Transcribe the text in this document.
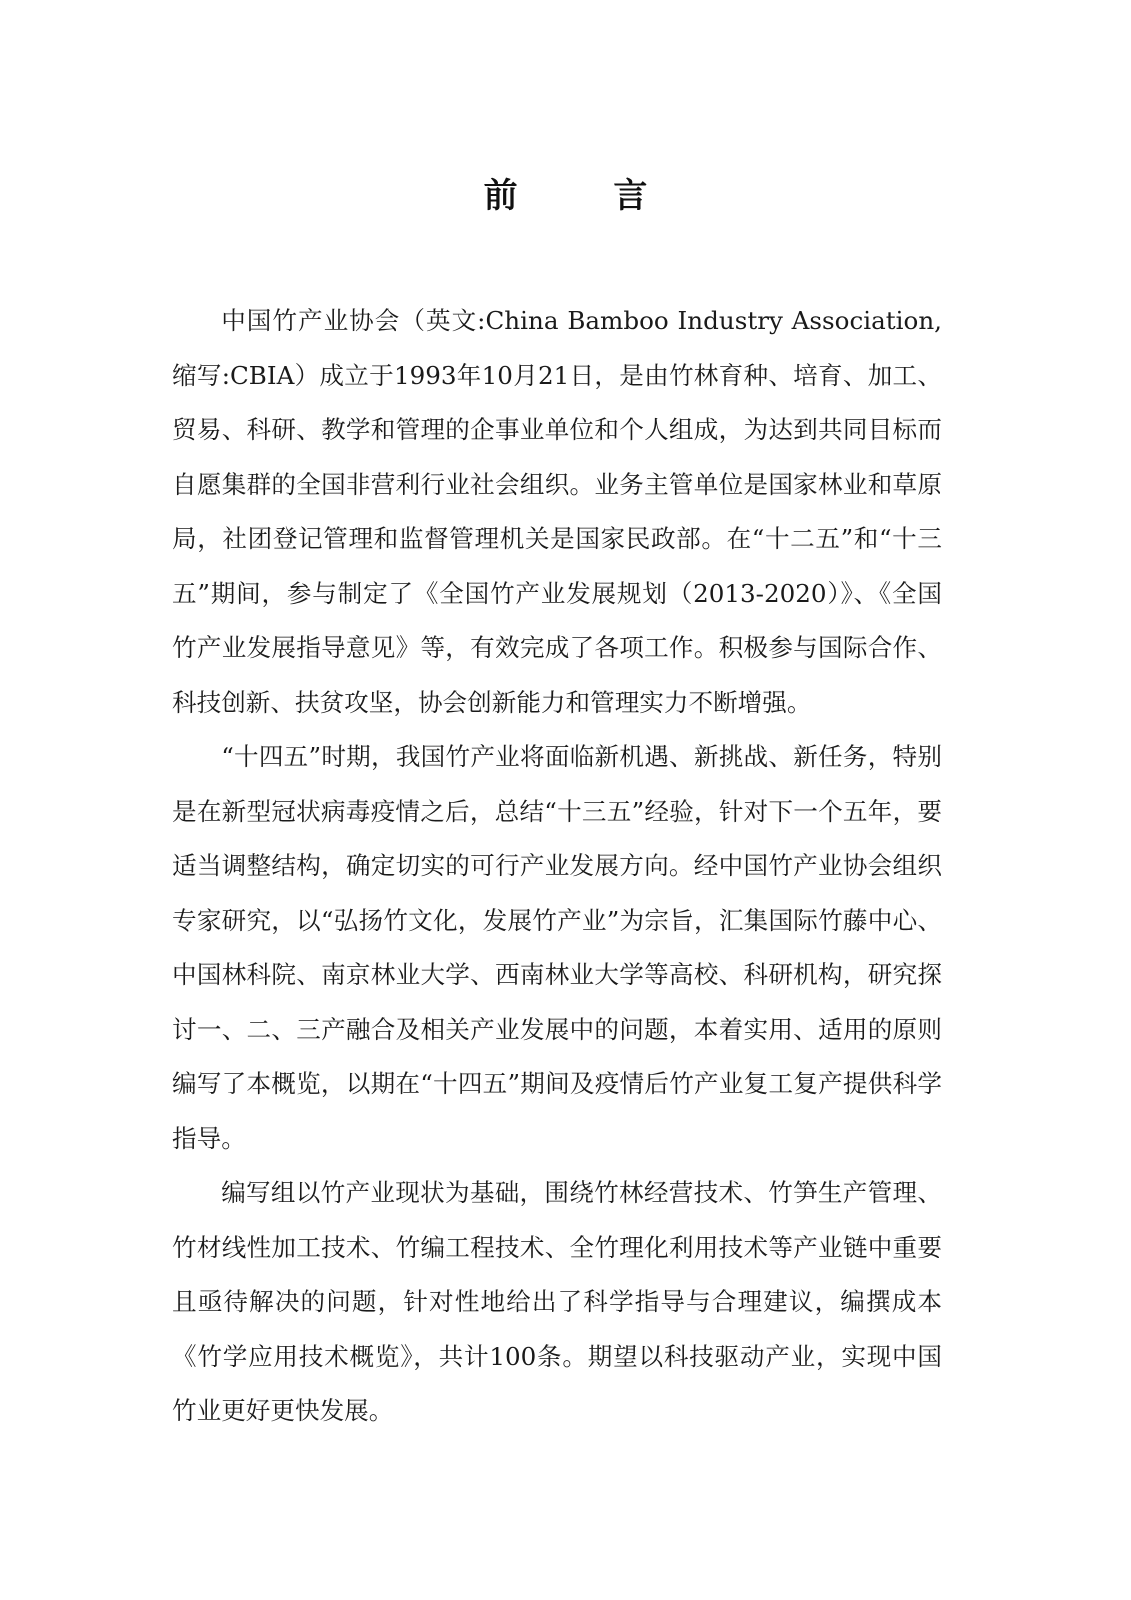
前 言

中国竹产业协会（英文:China Bamboo Industry Association, 缩写:CBIA）成立于1993年10月21日，是由竹林育种、培育、加工、贸易、科研、教学和管理的企事业单位和个人组成，为达到共同目标而自愿集群的全国非营利行业社会组织。业务主管单位是国家林业和草原局，社团登记管理和监督管理机关是国家民政部。在“十二五”和“十三五”期间，参与制定了《全国竹产业发展规划（2013-2020）》、《全国竹产业发展指导意见》等，有效完成了各项工作。积极参与国际合作、科技创新、扶贫攻坚，协会创新能力和管理实力不断增强。

“十四五”时期，我国竹产业将面临新机遇、新挑战、新任务，特别是在新型冠状病毒疫情之后，总结“十三五”经验，针对下一个五年，要适当调整结构，确定切实的可行产业发展方向。经中国竹产业协会组织专家研究，以“弘扬竹文化，发展竹产业”为宗旨，汇集国际竹藤中心、中国林科院、南京林业大学、西南林业大学等高校、科研机构，研究探讨一、二、三产融合及相关产业发展中的问题，本着实用、适用的原则编写了本概览，以期在“十四五”期间及疫情后竹产业复工复产提供科学指导。

编写组以竹产业现状为基础，围绕竹林经营技术、竹笋生产管理、竹材线性加工技术、竹编工程技术、全竹理化利用技术等产业链中重要且亟待解决的问题，针对性地给出了科学指导与合理建议，编撰成本《竹学应用技术概览》，共计100条。期望以科技驱动产业，实现中国竹业更好更快发展。
